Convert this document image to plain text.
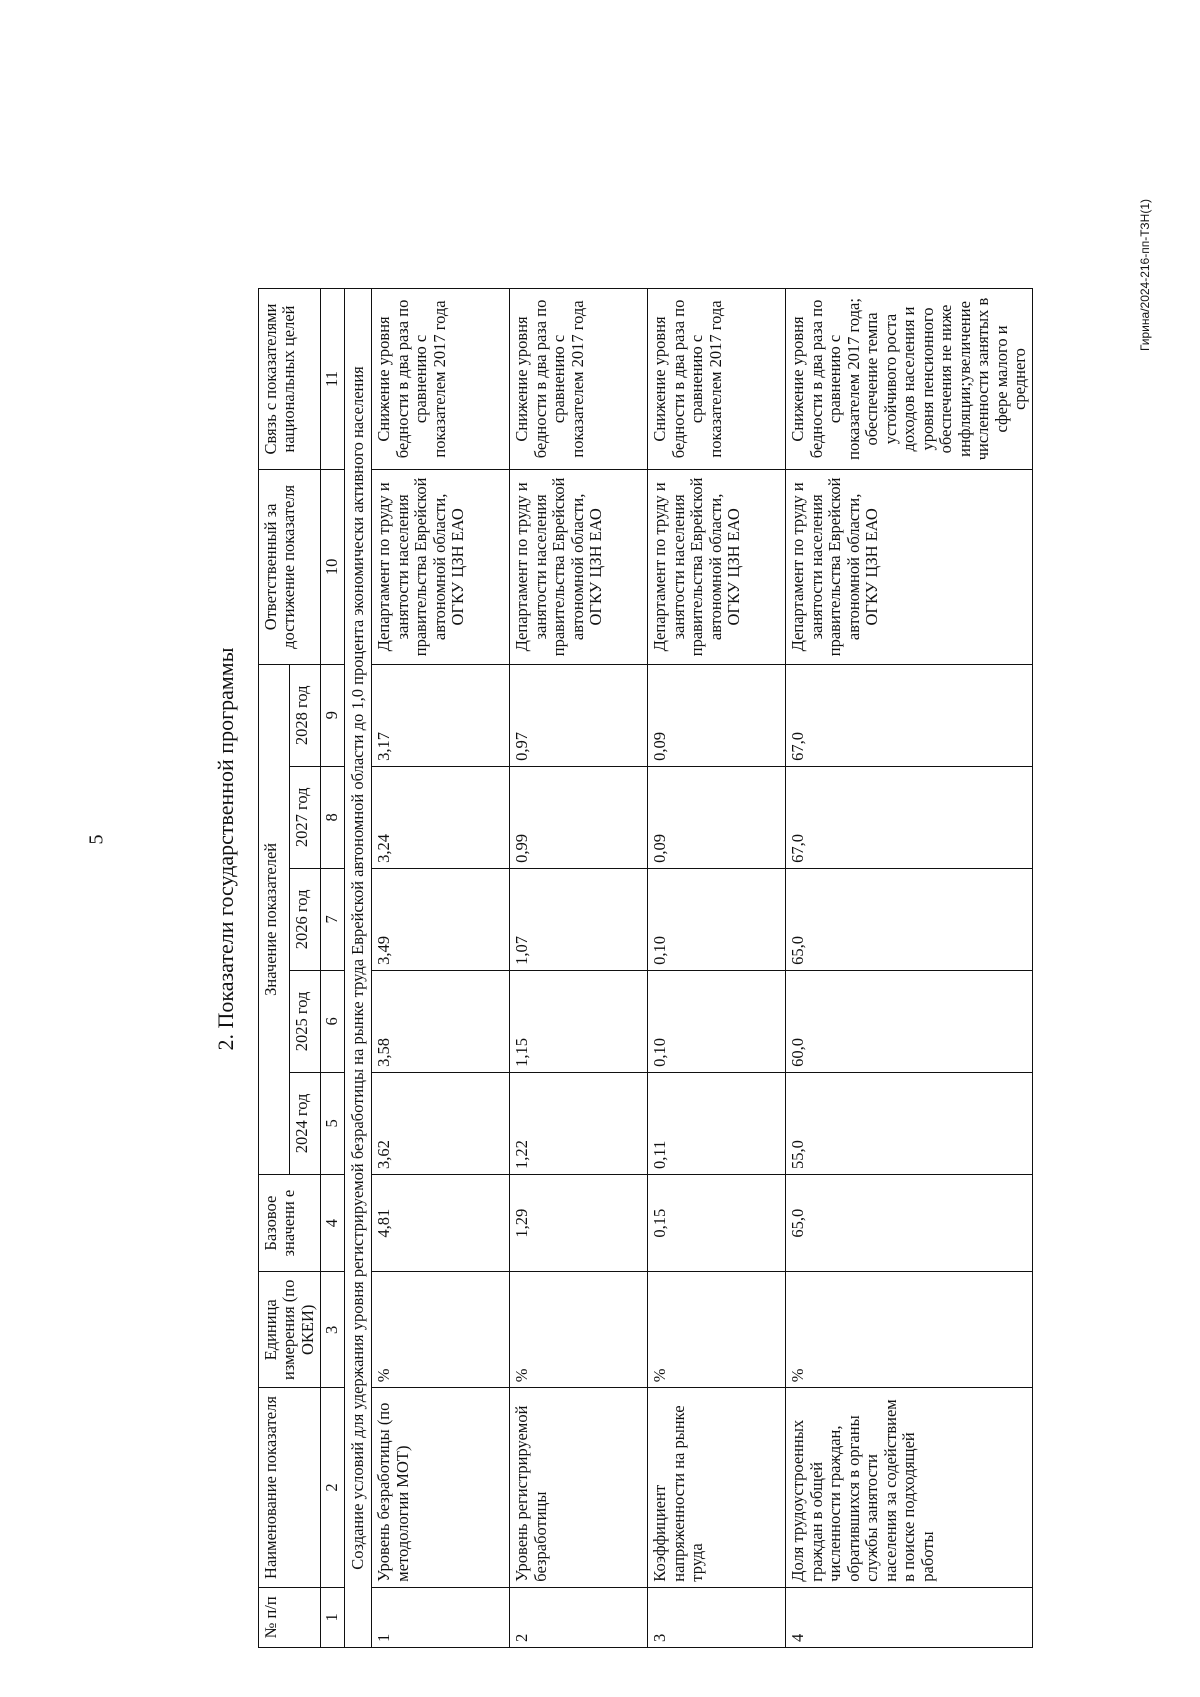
5	2. Показатели государственной программы
Гирина/2024-216-пп-ТЗН(1)
№ п/п	Наименование показателя	Единица измерения (по ОКЕИ)	Базовое значени е	Значение показателей					Ответственный за достижение показателя	Связь с показателями национальных целей
				2024 год	2025 год	2026 год	2027 год	2028 год		
1	2	3	4	5	6	7	8	9	10	11
Создание условий для удержания уровня регистрируемой безработицы на рынке труда Еврейской автономной области до 1,0 процента экономически активного населения										
1	Уровень безработицы (по методологии МОТ)	%	4,81	3,62	3,58	3,49	3,24	3,17	Департамент по труду и занятости населения правительства Еврейской автономной области, ОГКУ ЦЗН ЕАО	Снижение уровня бедности в два раза по сравнению с показателем 2017 года
2	Уровень регистрируемой безработицы	%	1,29	1,22	1,15	1,07	0,99	0,97	Департамент по труду и занятости населения правительства Еврейской автономной области, ОГКУ ЦЗН ЕАО	Снижение уровня бедности в два раза по сравнению с показателем 2017 года
3	Коэффициент напряженности на рынке труда	%	0,15	0,11	0,10	0,10	0,09	0,09	Департамент по труду и занятости населения правительства Еврейской автономной области, ОГКУ ЦЗН ЕАО	Снижение уровня бедности в два раза по сравнению с показателем 2017 года
4	Доля трудоустроенных граждан в общей численности граждан, обратившихся в органы службы занятости населения за содействием в поиске подходящей работы	%	65,0	55,0	60,0	65,0	67,0	67,0	Департамент по труду и занятости населения правительства Еврейской автономной области, ОГКУ ЦЗН ЕАО	Снижение уровня бедности в два раза по сравнению с показателем 2017 года; обеспечение темпа устойчивого роста доходов населения и уровня пенсионного обеспечения не ниже инфляции;увеличение численности занятых в сфере малого и среднего
